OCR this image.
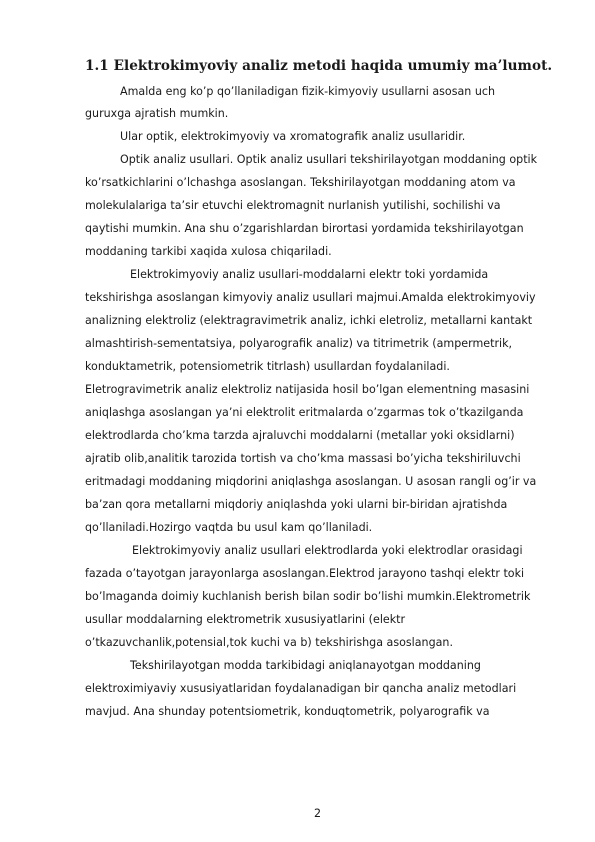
1.1 Elektrokimyoviy analiz metodi haqida umumiy ma’lumot.
Amalda eng ko’p qo’llaniladigan fizik-kimyoviy usullarni asosan uch
guruxga ajratish mumkin.
Ular optik, elektrokimyoviy va xromatografik analiz usullaridir.
Optik analiz usullari. Optik analiz usullari tekshirilayotgan moddaning optik
ko’rsatkichlarini o’lchashga asoslangan. Tekshirilayotgan moddaning atom va
molekulalariga ta’sir etuvchi elektromagnit nurlanish yutilishi, sochilishi va
qaytishi mumkin. Ana shu o’zgarishlardan birortasi yordamida tekshirilayotgan
moddaning tarkibi xaqida xulosa chiqariladi.
Elektrokimyoviy analiz usullari-moddalarni elektr toki yordamida
tekshirishga asoslangan kimyoviy analiz usullari majmui.Amalda elektrokimyoviy
analizning elektroliz (elektragravimetrik analiz, ichki eletroliz, metallarni kantakt
almashtirish-sementatsiya, polyarografik analiz) va titrimetrik (ampermetrik,
konduktametrik, potensiometrik titrlash) usullardan foydalaniladi.
Eletrogravimetrik analiz elektroliz natijasida hosil bo’lgan elementning masasini
aniqlashga asoslangan ya’ni elektrolit eritmalarda o’zgarmas tok o’tkazilganda
elektrodlarda cho’kma tarzda ajraluvchi moddalarni (metallar yoki oksidlarni)
ajratib olib,analitik tarozida tortish va cho’kma massasi bo’yicha tekshiriluvchi
eritmadagi moddaning miqdorini aniqlashga asoslangan. U asosan rangli og’ir va
ba’zan qora metallarni miqdoriy aniqlashda yoki ularni bir-biridan ajratishda
qo’llaniladi.Hozirgo vaqtda bu usul kam qo’llaniladi.
Elektrokimyoviy analiz usullari elektrodlarda yoki elektrodlar orasidagi
fazada o’tayotgan jarayonlarga asoslangan.Elektrod jarayono tashqi elektr toki
bo’lmaganda doimiy kuchlanish berish bilan sodir bo’lishi mumkin.Elektrometrik
usullar moddalarning elektrometrik xususiyatlarini (elektr
o’tkazuvchanlik,potensial,tok kuchi va b) tekshirishga asoslangan.
Tekshirilayotgan modda tarkibidagi aniqlanayotgan moddaning
elektroximiyaviy xususiyatlaridan foydalanadigan bir qancha analiz metodlari
mavjud. Ana shunday potentsiometrik, konduqtometrik, polyarografik va
2
